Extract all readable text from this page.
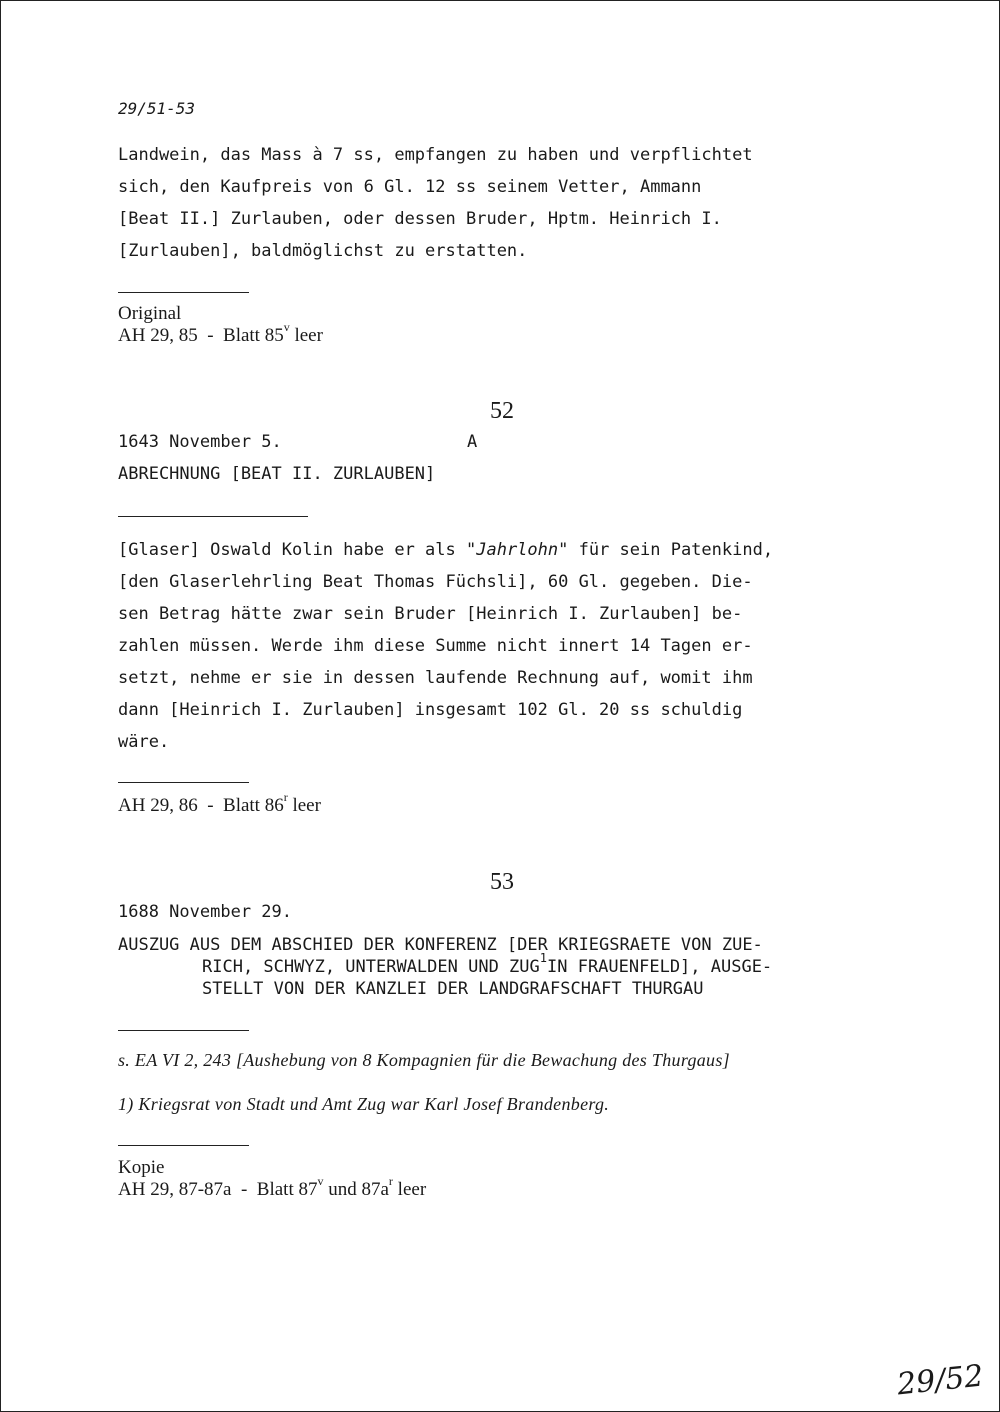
29/51-53
Landwein, das Mass à 7 ss, empfangen zu haben und verpflichtet
sich, den Kaufpreis von 6 Gl. 12 ss seinem Vetter, Ammann
[Beat II.] Zurlauben, oder dessen Bruder, Hptm. Heinrich I.
[Zurlauben], baldmöglichst zu erstatten.
Original
AH 29, 85  -  Blatt 85$^v$ leer
52
1643 November 5.	A
ABRECHNUNG [BEAT II. ZURLAUBEN]
[Glaser] Oswald Kolin habe er als "Jahrlohn" für sein Patenkind,
[den Glaserlehrling Beat Thomas Füchsli], 60 Gl. gegeben. Die-
sen Betrag hätte zwar sein Bruder [Heinrich I. Zurlauben] be-
zahlen müssen. Werde ihm diese Summe nicht innert 14 Tagen er-
setzt, nehme er sie in dessen laufende Rechnung auf, womit ihm
dann [Heinrich I. Zurlauben] insgesamt 102 Gl. 20 ss schuldig
wäre.
AH 29, 86  -  Blatt 86$^r$ leer
53
1688 November 29.
AUSZUG AUS DEM ABSCHIED DER KONFERENZ [DER KRIEGSRAETE VON ZUE-
RICH, SCHWYZ, UNTERWALDEN UND ZUG$^1$IN FRAUENFELD], AUSGE-
STELLT VON DER KANZLEI DER LANDGRAFSCHAFT THURGAU
s. EA VI 2, 243 [Aushebung von 8 Kompagnien für die Bewachung des Thurgaus]
1) Kriegsrat von Stadt und Amt Zug war Karl Josef Brandenberg.
Kopie
AH 29, 87-87a  -  Blatt 87$^v$ und $87a^r$ leer
29/52
